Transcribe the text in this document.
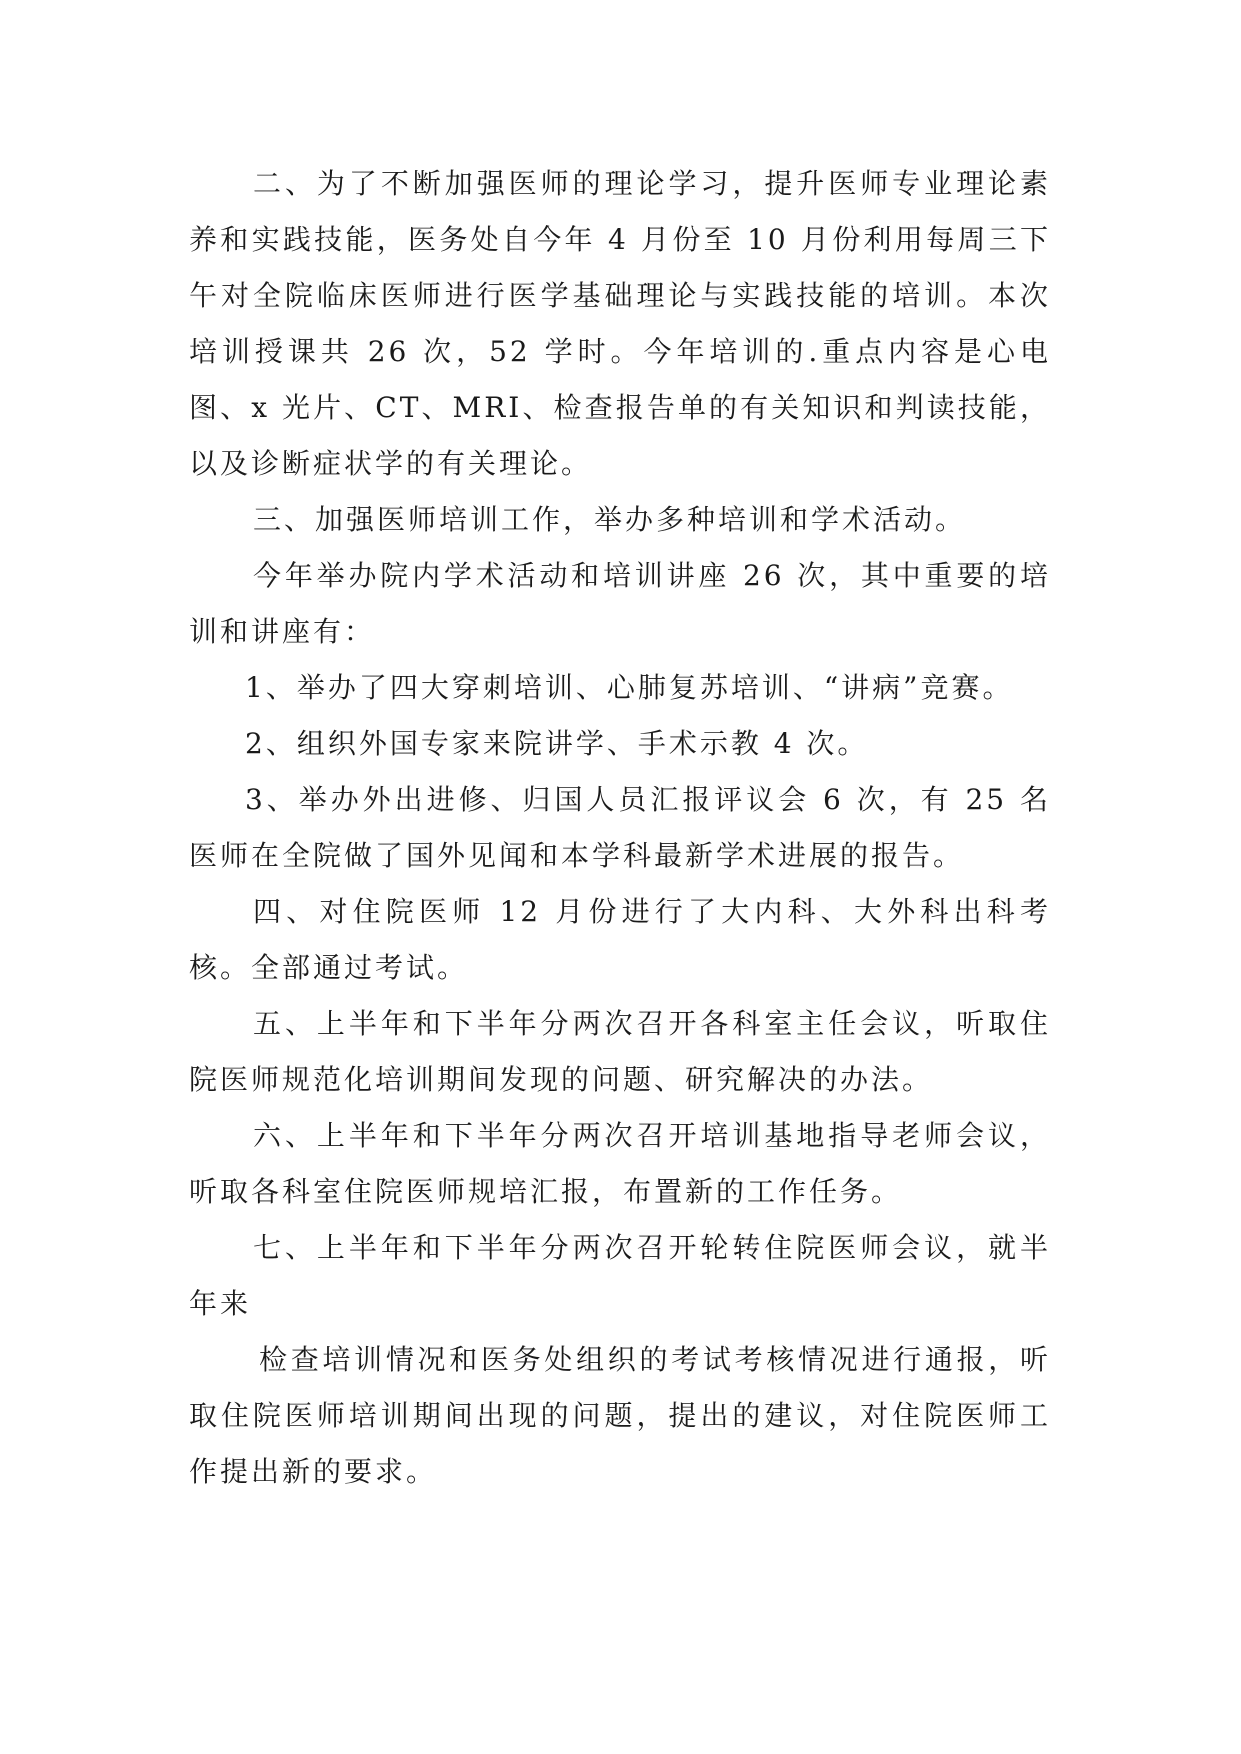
二、为了不断加强医师的理论学习，提升医师专业理论素养和实践技能，医务处自今年 4 月份至 10 月份利用每周三下午对全院临床医师进行医学基础理论与实践技能的培训。本次培训授课共 26 次，52 学时。今年培训的.重点内容是心电图、x 光片、CT、MRI、检查报告单的有关知识和判读技能，以及诊断症状学的有关理论。

三、加强医师培训工作，举办多种培训和学术活动。

今年举办院内学术活动和培训讲座 26 次，其中重要的培训和讲座有：

1、举办了四大穿刺培训、心肺复苏培训、“讲病”竞赛。

2、组织外国专家来院讲学、手术示教 4 次。

3、举办外出进修、归国人员汇报评议会 6 次，有 25 名医师在全院做了国外见闻和本学科最新学术进展的报告。

四、对住院医师 12 月份进行了大内科、大外科出科考核。全部通过考试。

五、上半年和下半年分两次召开各科室主任会议，听取住院医师规范化培训期间发现的问题、研究解决的办法。

六、上半年和下半年分两次召开培训基地指导老师会议，听取各科室住院医师规培汇报，布置新的工作任务。

七、上半年和下半年分两次召开轮转住院医师会议，就半年来

检查培训情况和医务处组织的考试考核情况进行通报，听取住院医师培训期间出现的问题，提出的建议，对住院医师工作提出新的要求。
